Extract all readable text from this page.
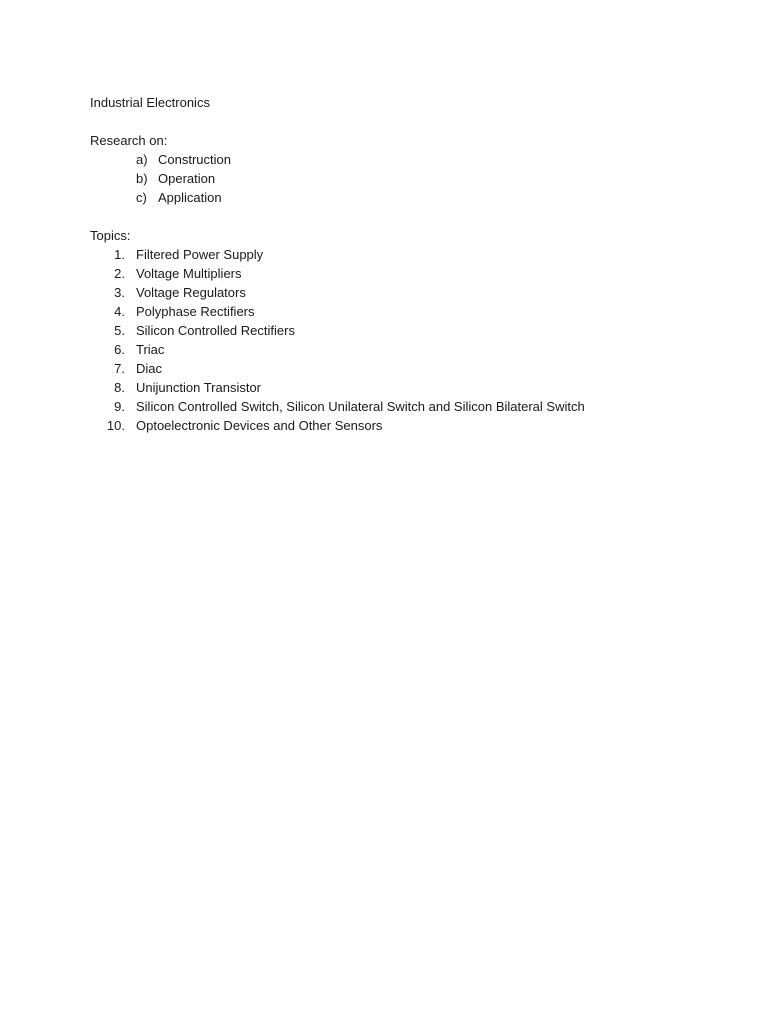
Industrial Electronics
Research on:
a) Construction
b) Operation
c) Application
Topics:
1. Filtered Power Supply
2. Voltage Multipliers
3. Voltage Regulators
4. Polyphase Rectifiers
5. Silicon Controlled Rectifiers
6. Triac
7. Diac
8. Unijunction Transistor
9. Silicon Controlled Switch, Silicon Unilateral Switch and Silicon Bilateral Switch
10. Optoelectronic Devices and Other Sensors
